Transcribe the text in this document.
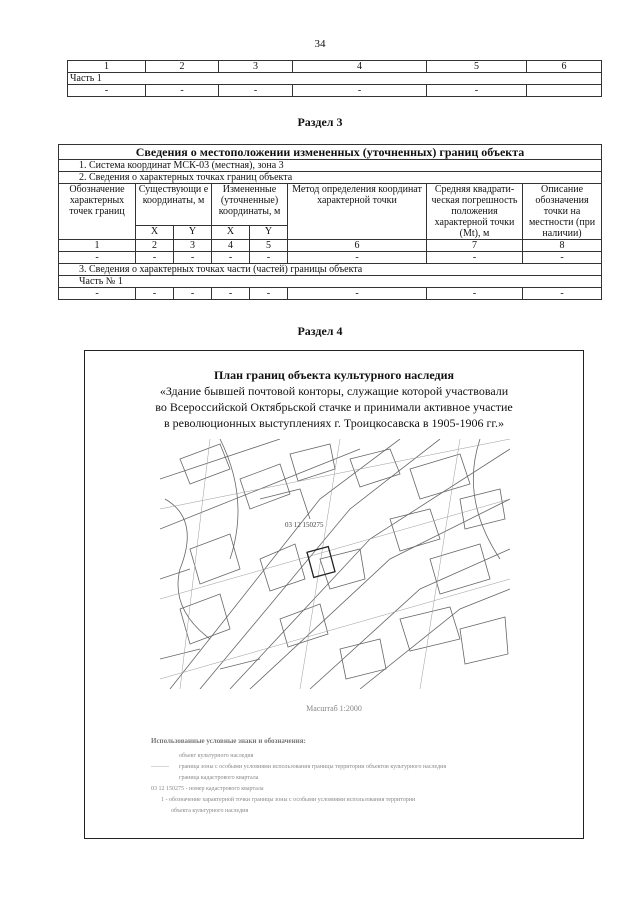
34
1	2	3	4	5	6
Часть 1					
-	-	-	-	-	
Раздел 3
Сведения о местоположении измененных (уточненных) границ объекта							
1. Система координат МСК-03 (местная), зона 3							
2. Сведения о характерных точках границ объекта							
Обозначение характерных точек границ	Существующи е координаты, м		Измененные (уточненные) координаты, м		Метод определения координат характерной точки	Средняя квадрати-ческая погрешность положения характерной точки (Mt), м	Описание обозначения точки на местности (при наличии)
	X	Y	X	Y			
1	2	3	4	5	6	7	8
-	-	-	-	-	-	-	-
3. Сведения о характерных точках части (частей) границы объекта							
Часть № 1							
-	-	-	-	-	-	-	-
Раздел 4
План границ объекта культурного наследия
«Здание бывшей почтовой конторы, служащие которой участвовали
во Всероссийской Октябрьской стачке и принимали активное участие
в революционных выступлениях г. Троицкосавска в 1905-1906 гг.»
03 12 150275
Масштаб 1:2000
Использованные условные знаки и обозначения:
объект культурного наследия
———	граница зоны с особыми условиями использования границы территории объектов культурного наследия
граница кадастрового квартала
03 12 150275 - номер кадастрового квартала
1 - обозначение характерной точки границы зоны с особыми условиями использования территории
объекта культурного наследия
